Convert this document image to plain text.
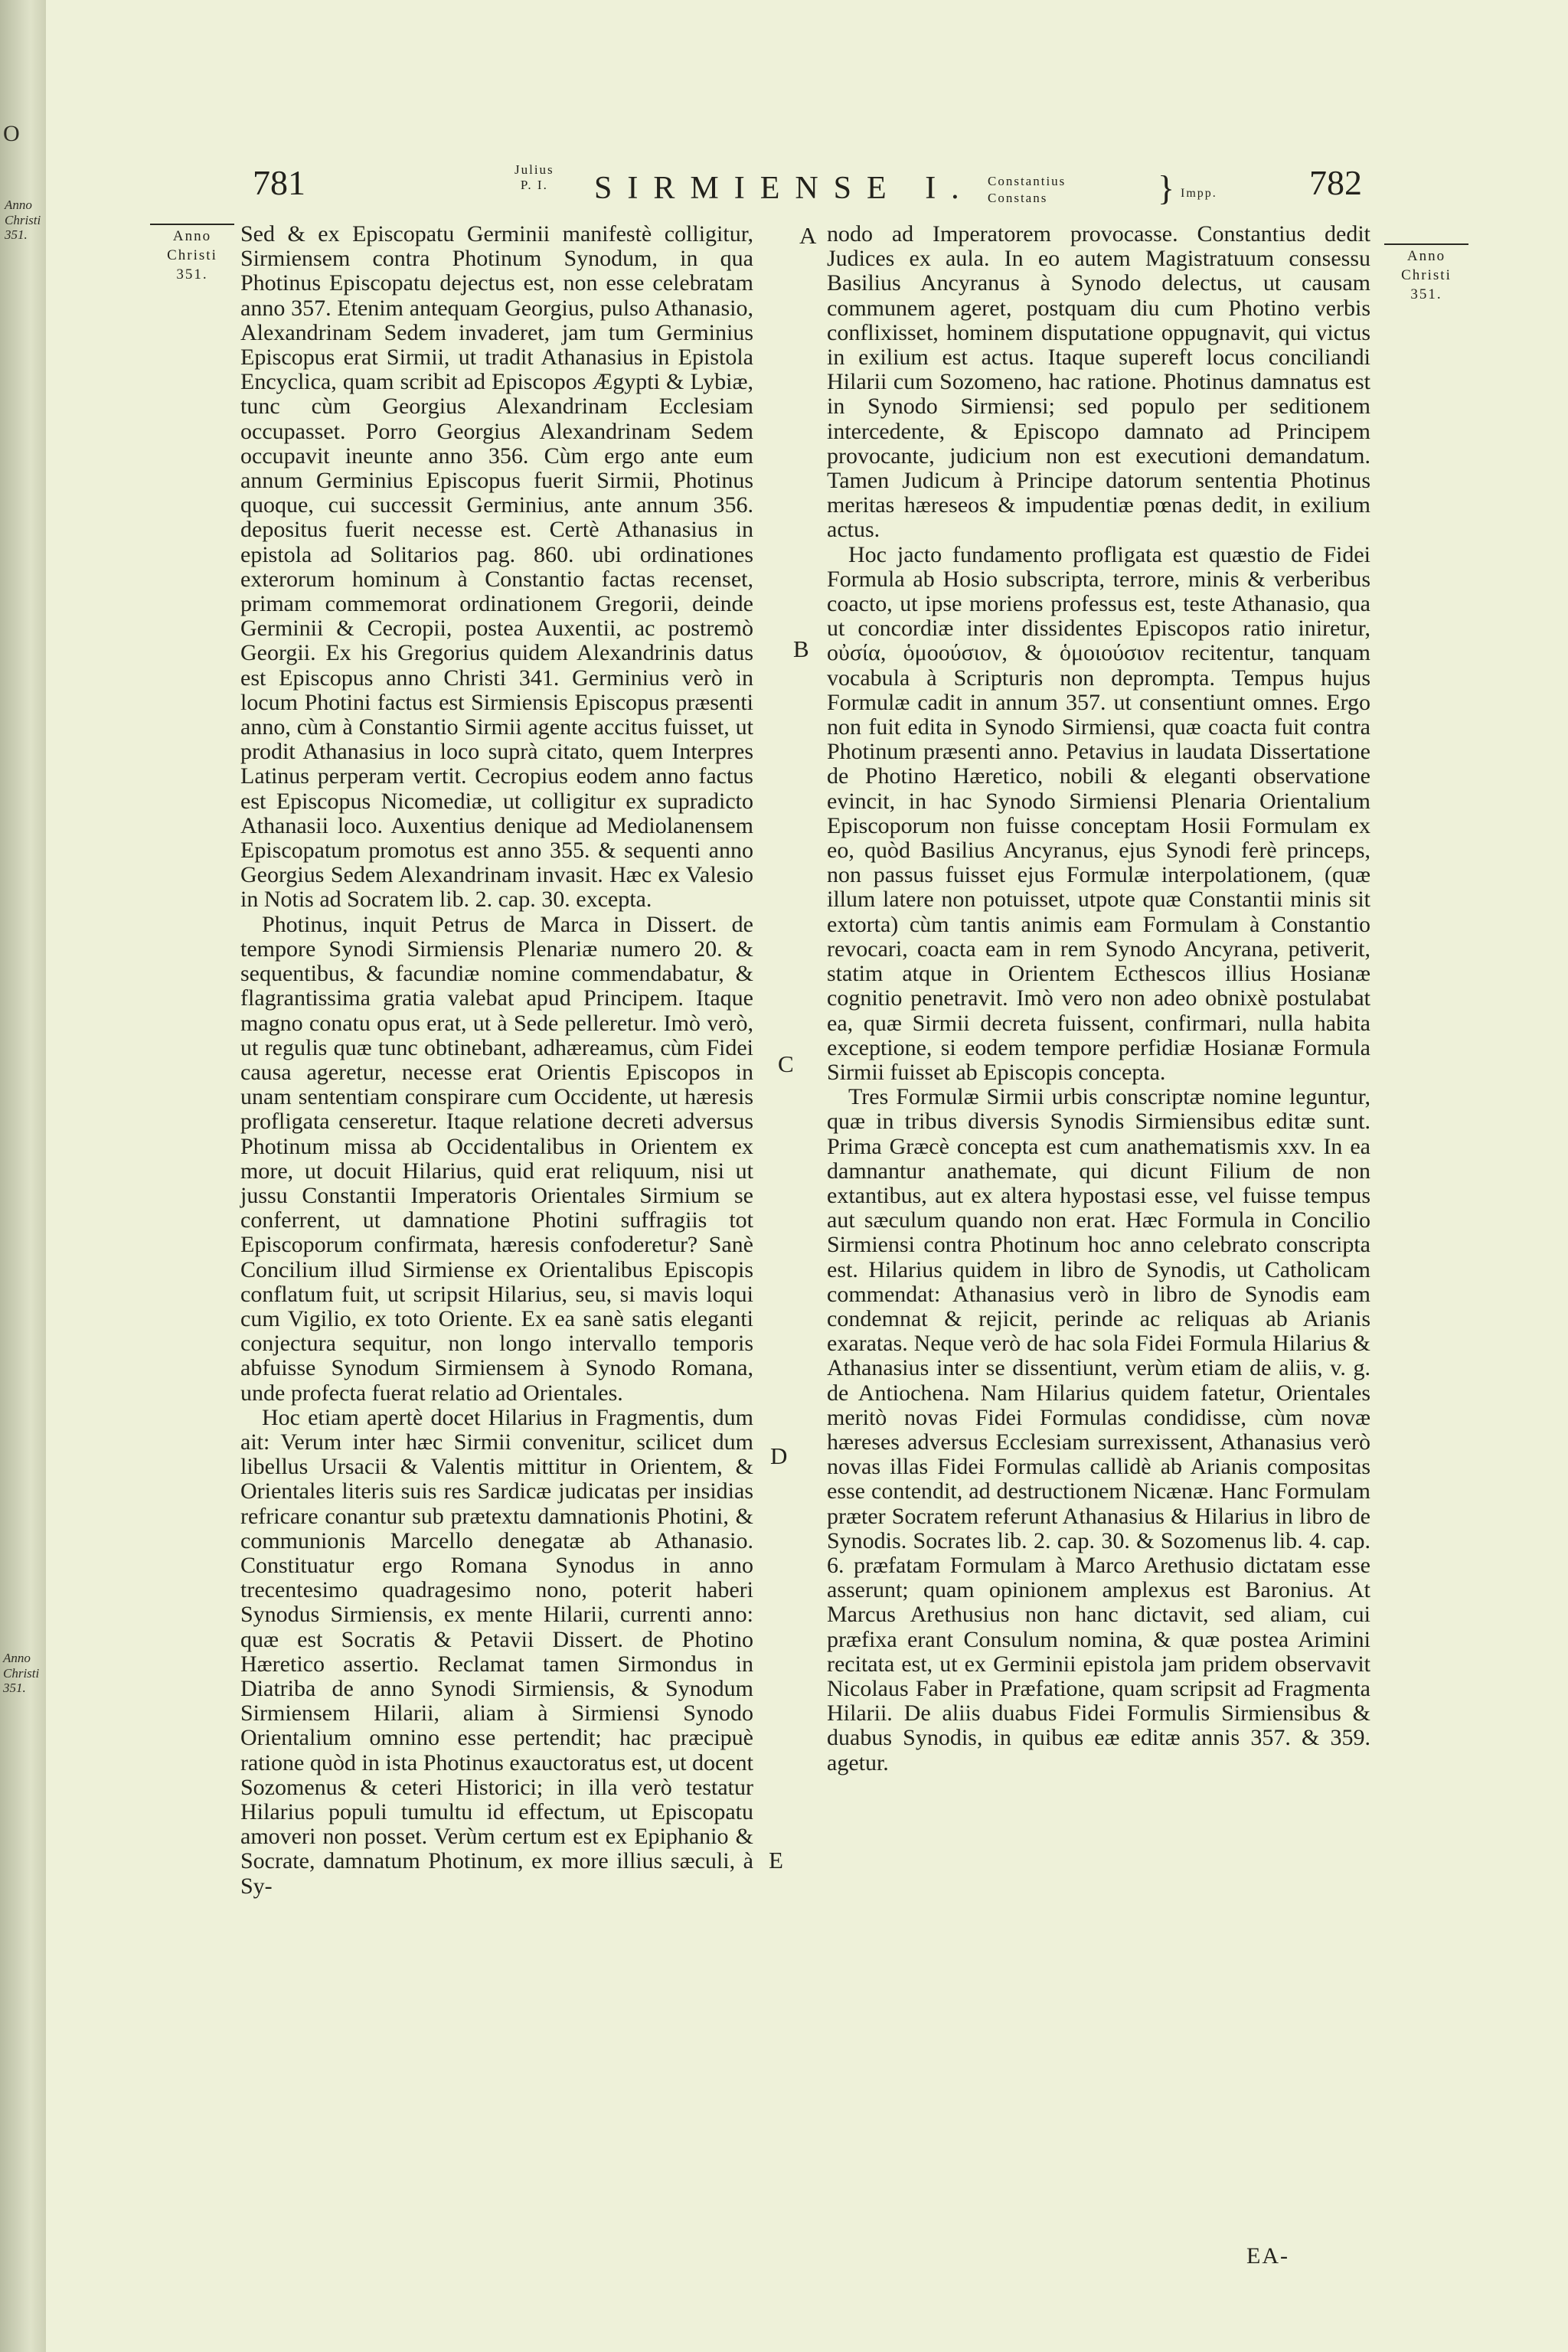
O
Anno
Christi
351.
Anno
Christi
351.
781	Julius
P. I. SIRMIENSE I. Constantius
Constans	} Impp.	782
Anno
Christi
351.
Anno
Christi
351.

Sed & ex Episcopatu Germinii manifestè colligitur, Sirmiensem contra Photinum Synodum, in qua Photinus Episcopatu dejectus est, non esse celebratam anno 357. Etenim antequam Georgius, pulso Athanasio, Alexandrinam Sedem invaderet, jam tum Germinius Episcopus erat Sirmii, ut tradit Athanasius in Epistola Encyclica, quam scribit ad Episcopos Ægypti & Lybiæ, tunc cùm Georgius Alexandrinam Ecclesiam occupasset. Porro Georgius Alexandrinam Sedem occupavit ineunte anno 356. Cùm ergo ante eum annum Germinius Episcopus fuerit Sirmii, Photinus quoque, cui successit Germinius, ante annum 356. depositus fuerit necesse est. Certè Athanasius in epistola ad Solitarios pag. 860. ubi ordinationes exterorum hominum à Constantio factas recenset, primam commemorat ordinationem Gregorii, deinde Germinii & Cecropii, postea Auxentii, ac postremò Georgii. Ex his Gregorius quidem Alexandrinis datus est Episcopus anno Christi 341. Germinius verò in locum Photini factus est Sirmiensis Episcopus præsenti anno, cùm à Constantio Sirmii agente accitus fuisset, ut prodit Athanasius in loco suprà citato, quem Interpres Latinus perperam vertit. Cecropius eodem anno factus est Episcopus Nicomediæ, ut colligitur ex supradicto Athanasii loco. Auxentius denique ad Mediolanensem Episcopatum promotus est anno 355. & sequenti anno Georgius Sedem Alexandrinam invasit. Hæc ex Valesio in Notis ad Socratem lib. 2. cap. 30. excepta.

Photinus, inquit Petrus de Marca in Dissert. de tempore Synodi Sirmiensis Plenariæ numero 20. & sequentibus, & facundiæ nomine commendabatur, & flagrantissima gratia valebat apud Principem. Itaque magno conatu opus erat, ut à Sede pelleretur. Imò verò, ut regulis quæ tunc obtinebant, adhæreamus, cùm Fidei causa ageretur, necesse erat Orientis Episcopos in unam sententiam conspirare cum Occidente, ut hæresis profligata censeretur. Itaque relatione decreti adversus Photinum missa ab Occidentalibus in Orientem ex more, ut docuit Hilarius, quid erat reliquum, nisi ut jussu Constantii Imperatoris Orientales Sirmium se conferrent, ut damnatione Photini suffragiis tot Episcoporum confirmata, hæresis confoderetur? Sanè Concilium illud Sirmiense ex Orientalibus Episcopis conflatum fuit, ut scripsit Hilarius, seu, si mavis loqui cum Vigilio, ex toto Oriente. Ex ea sanè satis eleganti conjectura sequitur, non longo intervallo temporis abfuisse Synodum Sirmiensem à Synodo Romana, unde profecta fuerat relatio ad Orientales.

Hoc etiam apertè docet Hilarius in Fragmentis, dum ait: Verum inter hæc Sirmii convenitur, scilicet dum libellus Ursacii & Valentis mittitur in Orientem, & Orientales literis suis res Sardicæ judicatas per insidias refricare conantur sub prætextu damnationis Photini, & communionis Marcello denegatæ ab Athanasio. Constituatur ergo Romana Synodus in anno trecentesimo quadragesimo nono, poterit haberi Synodus Sirmiensis, ex mente Hilarii, currenti anno: quæ est Socratis & Petavii Dissert. de Photino Hæretico assertio. Reclamat tamen Sirmondus in Diatriba de anno Synodi Sirmiensis, & Synodum Sirmiensem Hilarii, aliam à Sirmiensi Synodo Orientalium omnino esse pertendit; hac præcipuè ratione quòd in ista Photinus exauctoratus est, ut docent Sozomenus & ceteri Historici; in illa verò testatur Hilarius populi tumultu id effectum, ut Episcopatu amoveri non posset. Verùm certum est ex Epiphanio & Socrate, damnatum Photinum, ex more illius sæculi, à Sy-

A
B
C
D
E

nodo ad Imperatorem provocasse. Constantius dedit Judices ex aula. In eo autem Magistratuum consessu Basilius Ancyranus à Synodo delectus, ut causam communem ageret, postquam diu cum Photino verbis conflixisset, hominem disputatione oppugnavit, qui victus in exilium est actus. Itaque supereft locus conciliandi Hilarii cum Sozomeno, hac ratione. Photinus damnatus est in Synodo Sirmiensi; sed populo per seditionem intercedente, & Episcopo damnato ad Principem provocante, judicium non est executioni demandatum. Tamen Judicum à Principe datorum sententia Photinus meritas hæreseos & impudentiæ pœnas dedit, in exilium actus.

Hoc jacto fundamento profligata est quæstio de Fidei Formula ab Hosio subscripta, terrore, minis & verberibus coacto, ut ipse moriens professus est, teste Athanasio, qua ut concordiæ inter dissidentes Episcopos ratio iniretur, οὐσία, ὁμοούσιον, & ὁμοιούσιον recitentur, tanquam vocabula à Scripturis non deprompta. Tempus hujus Formulæ cadit in annum 357. ut consentiunt omnes. Ergo non fuit edita in Synodo Sirmiensi, quæ coacta fuit contra Photinum præsenti anno. Petavius in laudata Dissertatione de Photino Hæretico, nobili & eleganti observatione evincit, in hac Synodo Sirmiensi Plenaria Orientalium Episcoporum non fuisse conceptam Hosii Formulam ex eo, quòd Basilius Ancyranus, ejus Synodi ferè princeps, non passus fuisset ejus Formulæ interpolationem, (quæ illum latere non potuisset, utpote quæ Constantii minis sit extorta) cùm tantis animis eam Formulam à Constantio revocari, coacta eam in rem Synodo Ancyrana, petiverit, statim atque in Orientem Ecthescos illius Hosianæ cognitio penetravit. Imò vero non adeo obnixè postulabat ea, quæ Sirmii decreta fuissent, confirmari, nulla habita exceptione, si eodem tempore perfidiæ Hosianæ Formula Sirmii fuisset ab Episcopis concepta.

Tres Formulæ Sirmii urbis conscriptæ nomine leguntur, quæ in tribus diversis Synodis Sirmiensibus editæ sunt. Prima Græcè concepta est cum anathematismis xxv. In ea damnantur anathemate, qui dicunt Filium de non extantibus, aut ex altera hypostasi esse, vel fuisse tempus aut sæculum quando non erat. Hæc Formula in Concilio Sirmiensi contra Photinum hoc anno celebrato conscripta est. Hilarius quidem in libro de Synodis, ut Catholicam commendat: Athanasius verò in libro de Synodis eam condemnat & rejicit, perinde ac reliquas ab Arianis exaratas. Neque verò de hac sola Fidei Formula Hilarius & Athanasius inter se dissentiunt, verùm etiam de aliis, v. g. de Antiochena. Nam Hilarius quidem fatetur, Orientales meritò novas Fidei Formulas condidisse, cùm novæ hæreses adversus Ecclesiam surrexissent, Athanasius verò novas illas Fidei Formulas callidè ab Arianis compositas esse contendit, ad destructionem Nicænæ. Hanc Formulam præter Socratem referunt Athanasius & Hilarius in libro de Synodis. Socrates lib. 2. cap. 30. & Sozomenus lib. 4. cap. 6. præfatam Formulam à Marco Arethusio dictatam esse asserunt; quam opinionem amplexus est Baronius. At Marcus Arethusius non hanc dictavit, sed aliam, cui præfixa erant Consulum nomina, & quæ postea Arimini recitata est, ut ex Germinii epistola jam pridem observavit Nicolaus Faber in Præfatione, quam scripsit ad Fragmenta Hilarii. De aliis duabus Fidei Formulis Sirmiensibus & duabus Synodis, in quibus eæ editæ annis 357. & 359. agetur.

EA-
